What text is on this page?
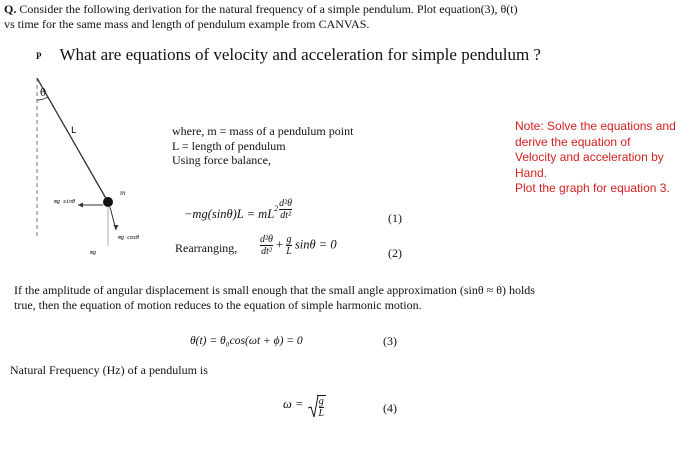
Q. Consider the following derivation for the natural frequency of a simple pendulum. Plot equation(3), θ(t)
vs time for the same mass and length of pendulum example from CANVAS.
P What are equations of velocity and acceleration for simple pendulum ?
θ
L
m
mg sinθ
mg cosθ
mg
where, m = mass of a pendulum point
L = length of pendulum
Using force balance,
$-mg(\sin\theta)L = mL^2 \frac{\text{d²θ}}{\text{dt²}}$	(1)
Rearranging, $\frac{\text{d²θ}}{\text{dt²}} + \frac{g}{L}$ sinθ = 0
(2)
Note: Solve the equations and
derive the equation of
Velocity and acceleration by
Hand.
Plot the graph for equation 3.
If the amplitude of angular displacement is small enough that the small angle approximation (sinθ ≈ θ) holds
true, then the equation of motion reduces to the equation of simple harmonic motion.
θ(t) = θ₀cos(ωt + ϕ) = 0	(3)
Natural Frequency (Hz) of a pendulum is
$\omega = \frac{g}{L}$	(4)
